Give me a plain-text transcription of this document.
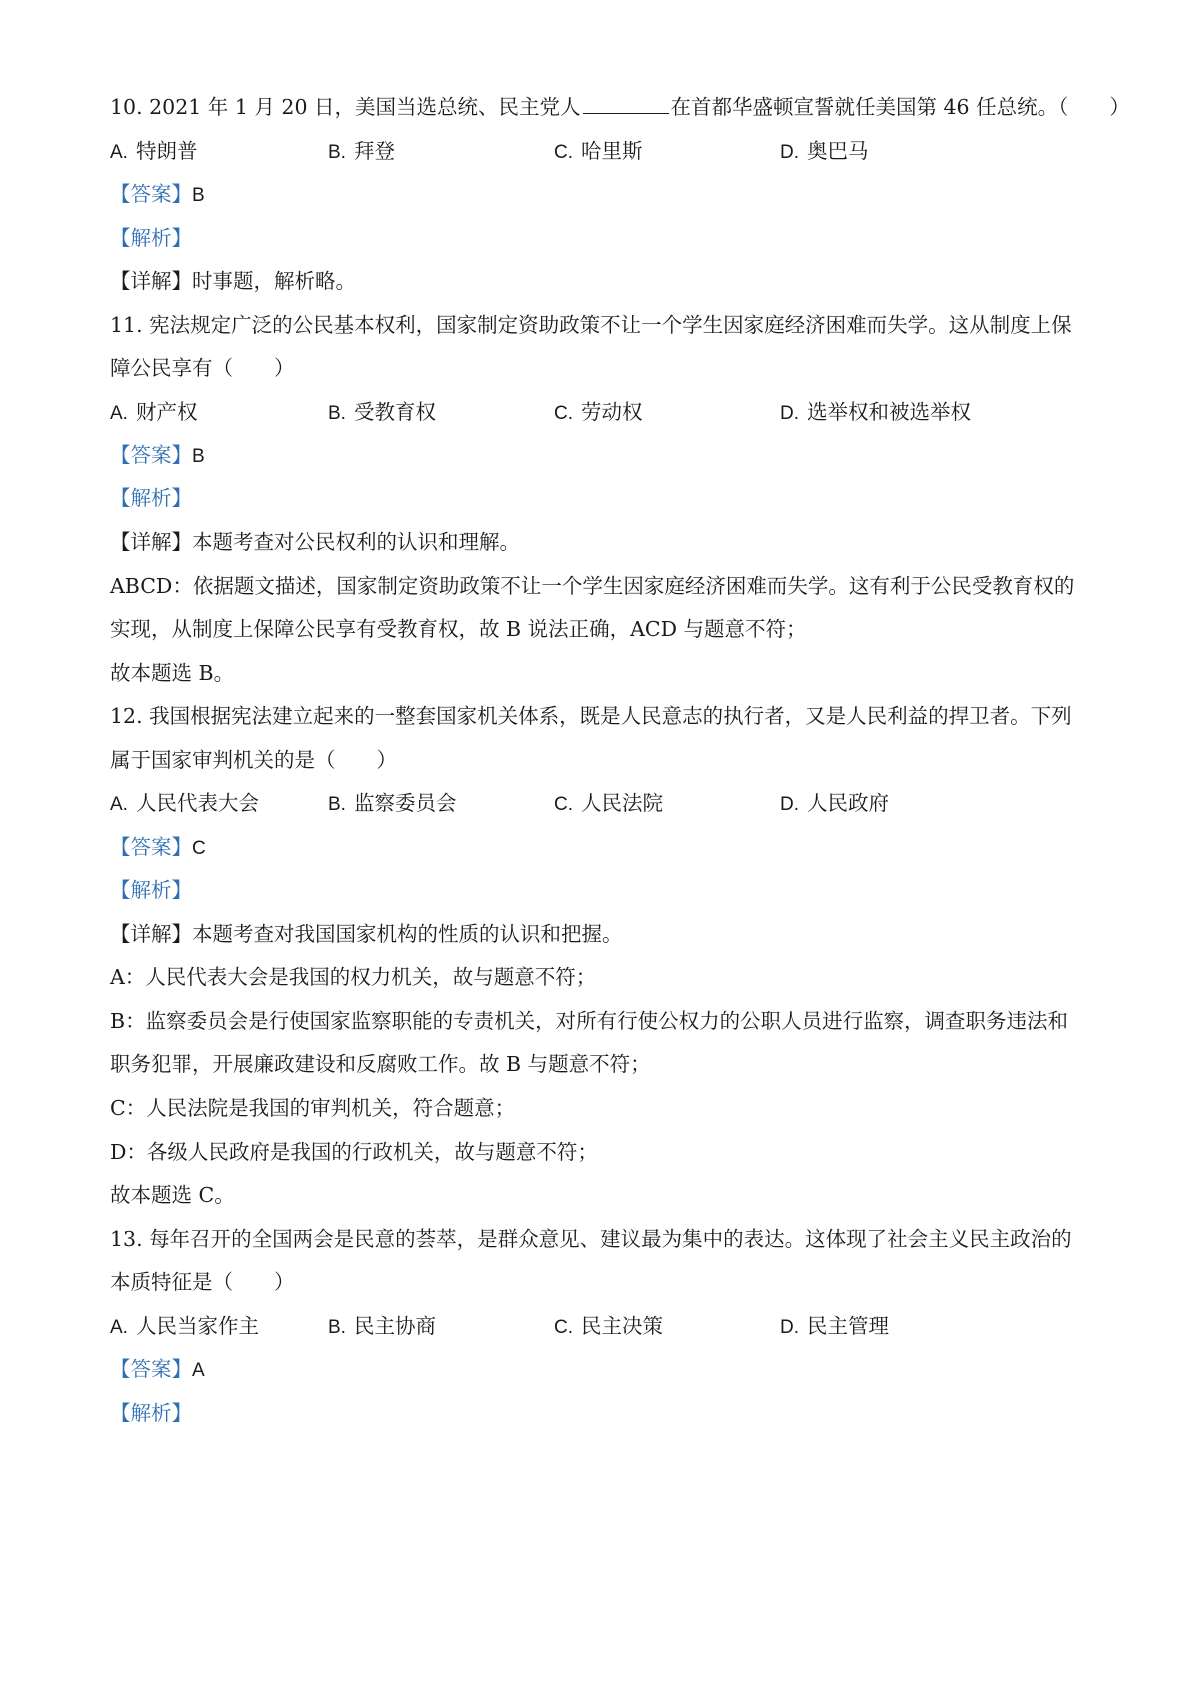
10. 2021 年 1 月 20 日，美国当选总统、民主党人	在首都华盛顿宣誓就任美国第 46 任总统。（　　）
A. 特朗普	B. 拜登	C. 哈里斯	D. 奥巴马
【答案】B
【解析】
【详解】时事题，解析略。
11. 宪法规定广泛的公民基本权利，国家制定资助政策不让一个学生因家庭经济困难而失学。这从制度上保
障公民享有（　　）
A. 财产权	B. 受教育权	C. 劳动权	D. 选举权和被选举权
【答案】B
【解析】
【详解】本题考查对公民权利的认识和理解。
ABCD：依据题文描述，国家制定资助政策不让一个学生因家庭经济困难而失学。这有利于公民受教育权的
实现，从制度上保障公民享有受教育权，故 B 说法正确，ACD 与题意不符；
故本题选 B。
12. 我国根据宪法建立起来的一整套国家机关体系，既是人民意志的执行者，又是人民利益的捍卫者。下列
属于国家审判机关的是（　　）
A. 人民代表大会	B. 监察委员会	C. 人民法院	D. 人民政府
【答案】C
【解析】
【详解】本题考查对我国国家机构的性质的认识和把握。
A：人民代表大会是我国的权力机关，故与题意不符；
B：监察委员会是行使国家监察职能的专责机关，对所有行使公权力的公职人员进行监察，调查职务违法和
职务犯罪，开展廉政建设和反腐败工作。故 B 与题意不符；
C：人民法院是我国的审判机关，符合题意；
D：各级人民政府是我国的行政机关，故与题意不符；
故本题选 C。
13. 每年召开的全国两会是民意的荟萃，是群众意见、建议最为集中的表达。这体现了社会主义民主政治的
本质特征是（　　）
A. 人民当家作主	B. 民主协商	C. 民主决策	D. 民主管理
【答案】A
【解析】
